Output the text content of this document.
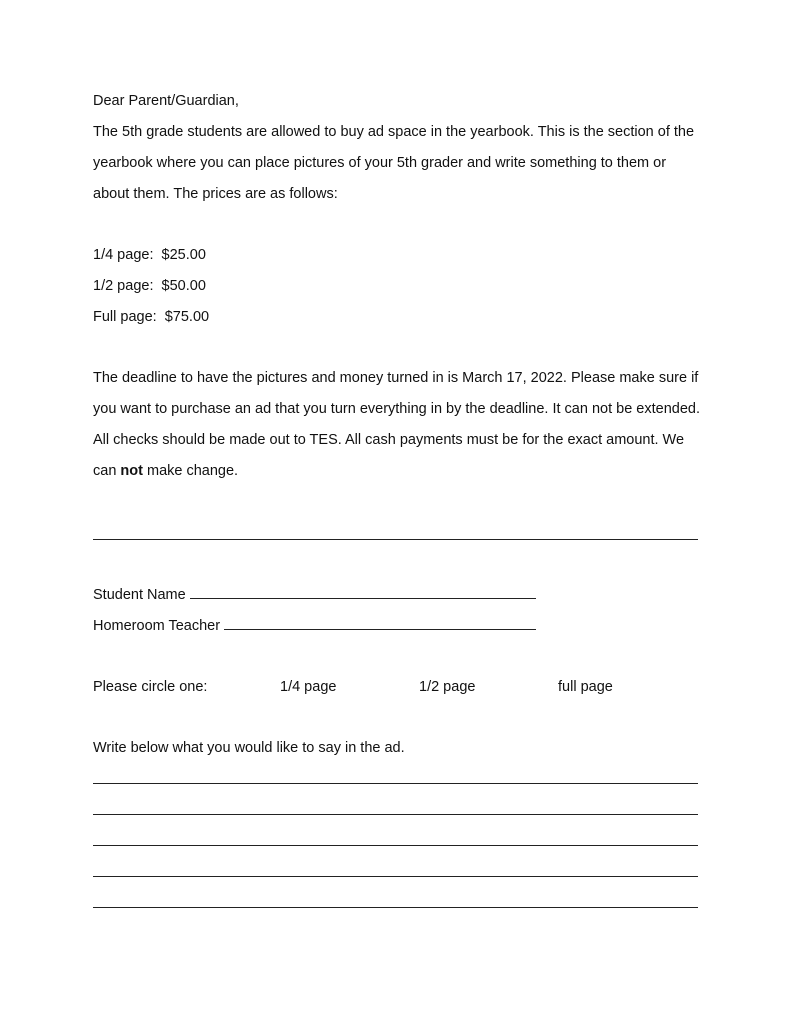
Dear Parent/Guardian,
The 5th grade students are allowed to buy ad space in the yearbook. This is the section of the
yearbook where you can place pictures of your 5th grader and write something to them or
about them. The prices are as follows:
1/4 page:  $25.00
1/2 page:  $50.00
Full page:  $75.00
The deadline to have the pictures and money turned in is March 17, 2022. Please make sure if
you want to purchase an ad that you turn everything in by the deadline. It can not be extended.
All checks should be made out to TES. All cash payments must be for the exact amount. We
can not make change.
Student Name
Homeroom Teacher
Please circle one:	1/4 page	1/2 page	full page
Write below what you would like to say in the ad.
